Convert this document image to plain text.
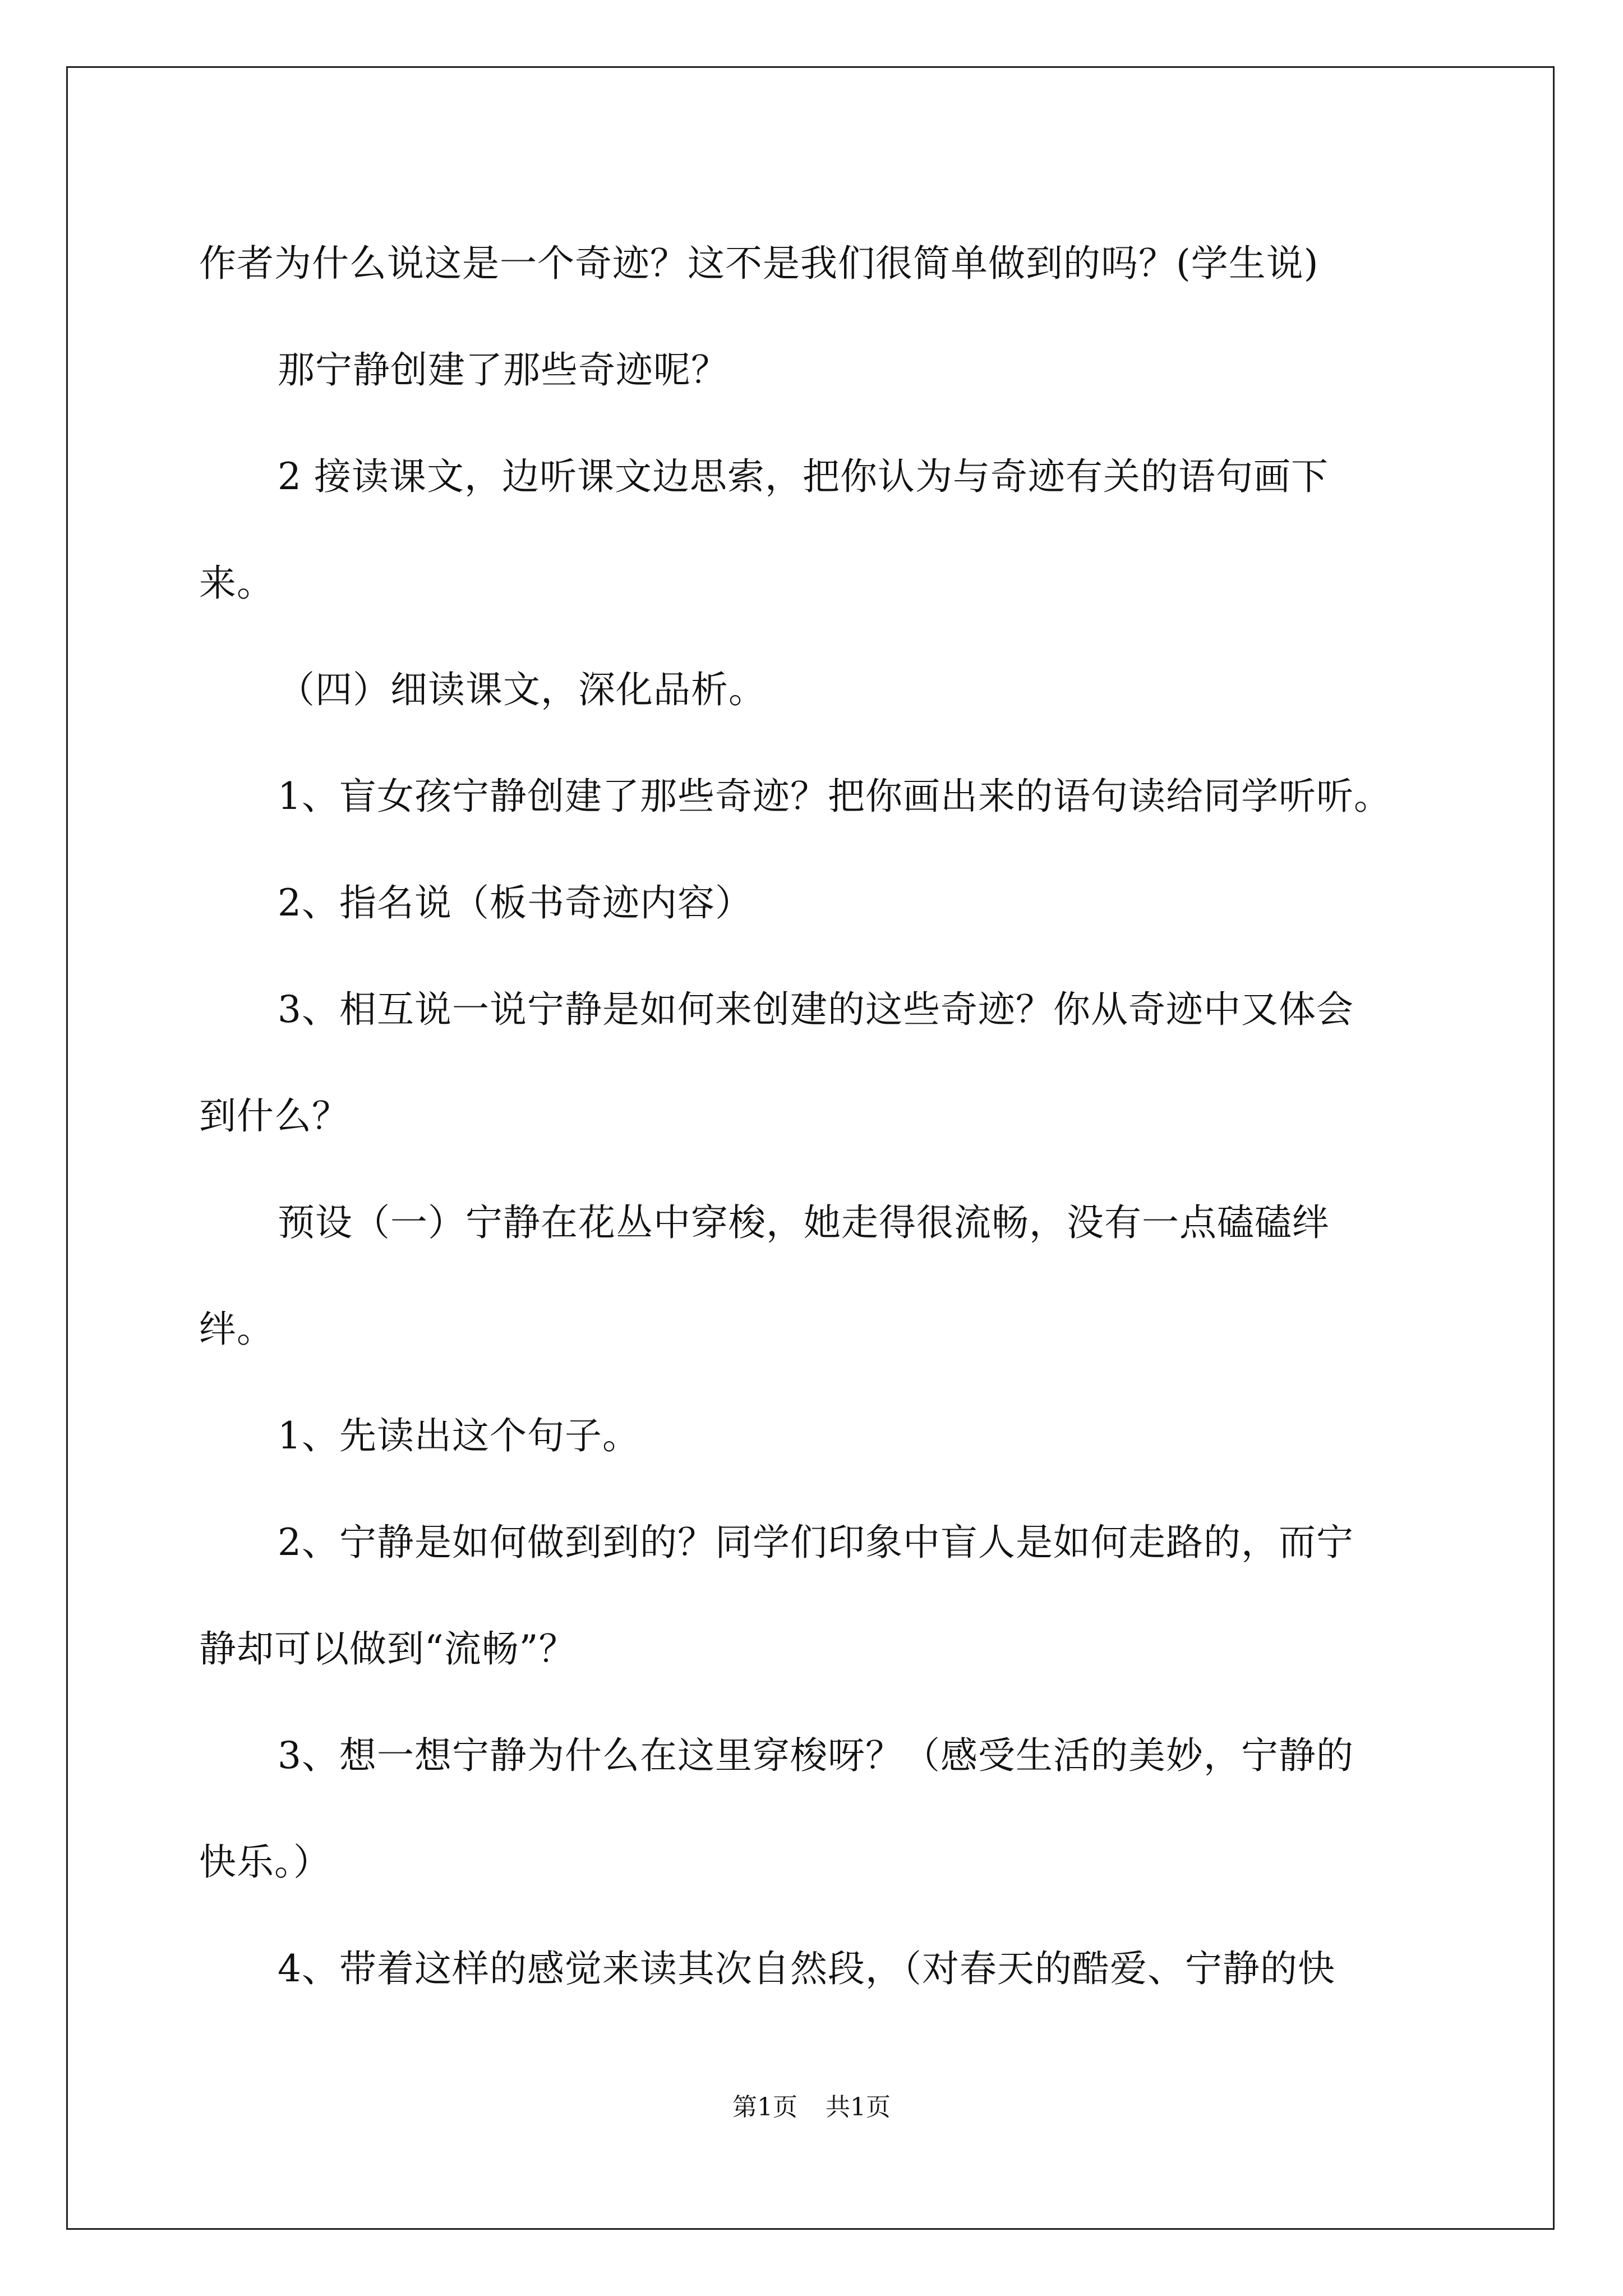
作者为什么说这是一个奇迹？这不是我们很简单做到的吗？(学生说)
那宁静创建了那些奇迹呢？
2 接读课文，边听课文边思索，把你认为与奇迹有关的语句画下
来。
（四）细读课文，深化品析。
1、盲女孩宁静创建了那些奇迹？把你画出来的语句读给同学听听。
2、指名说（板书奇迹内容）
3、相互说一说宁静是如何来创建的这些奇迹？你从奇迹中又体会
到什么？
预设（一）宁静在花丛中穿梭，她走得很流畅，没有一点磕磕绊
绊。
1、先读出这个句子。
2、宁静是如何做到到的？同学们印象中盲人是如何走路的，而宁
静却可以做到“流畅”？
3、想一想宁静为什么在这里穿梭呀？（感受生活的美妙，宁静的
快乐。）
4、带着这样的感觉来读其次自然段，（对春天的酷爱、宁静的快
第1页 共1页
